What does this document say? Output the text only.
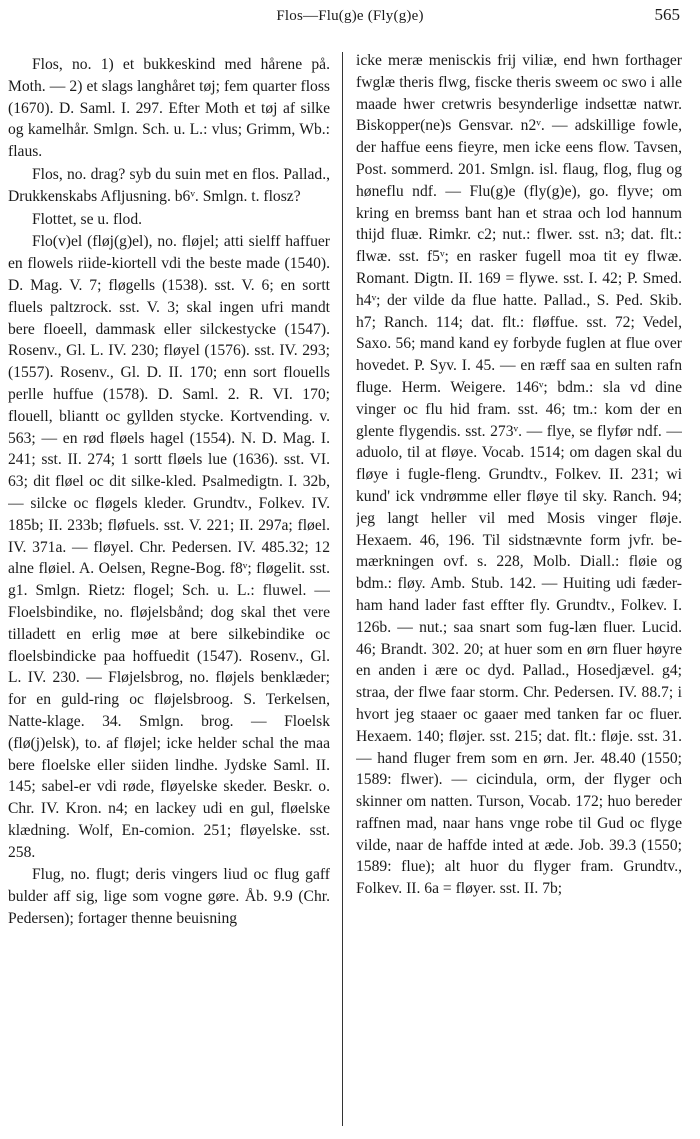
Flos—Flu(g)e (Fly(g)e)	565

Flos, no. 1) et bukkeskind med hårene på. Moth. — 2) et slags langhåret tøj; fem quarter floss (1670). D. Saml. I. 297. Efter Moth et tøj af silke og kamelhår. Smlgn. Sch. u. L.: vlus; Grimm, Wb.: flaus.

Flos, no. drag? syb du suin met en flos. Pallad., Drukkenskabs Afljusning. b6ᵛ. Smlgn. t. flosz?

Flottet, se u. flod.

Flo(v)el (fløj(g)el), no. fløjel; atti sielff haffuer en flowels riide-kiortell vdi the beste made (1540). D. Mag. V. 7; fløgells (1538). sst. V. 6; en sortt fluels paltzrock. sst. V. 3; skal ingen ufri mandt bere floeell, dammask eller silckestycke (1547). Rosenv., Gl. L. IV. 230; fløyel (1576). sst. IV. 293; (1557). Rosenv., Gl. D. II. 170; enn sort flouells perlle huffue (1578). D. Saml. 2. R. VI. 170; flouell, bliantt oc gyllden stycke. Kortvending. v. 563; — en rød fløels hagel (1554). N. D. Mag. I. 241; sst. II. 274; 1 sortt fløels lue (1636). sst. VI. 63; dit fløel oc dit silke-kled. Psalmedigtn. I. 32b, — silcke oc fløgels kleder. Grundtv., Folkev. IV. 185b; II. 233b; fløfuels. sst. V. 221; II. 297a; fløel. IV. 371a. — fløyel. Chr. Pedersen. IV. 485.32; 12 alne fløiel. A. Oelsen, Regne-Bog. f8ᵛ; fløgelit. sst. g1. Smlgn. Rietz: flogel; Sch. u. L.: fluwel. — Floelsbindike, no. fløjelsbånd; dog skal thet vere tilladett en erlig møe at bere silkebindike oc floelsbindicke paa hoffuedit (1547). Rosenv., Gl. L. IV. 230. — Fløjelsbrog, no. fløjels benklæder; for en guld-ring oc fløjelsbroog. S. Terkelsen, Natte-klage. 34. Smlgn. brog. — Floelsk (flø(j)elsk), to. af fløjel; icke helder schal the maa bere floelske eller siiden lindhe. Jydske Saml. II. 145; sabel-er vdi røde, fløyelske skeder. Beskr. o. Chr. IV. Kron. n4; en lackey udi en gul, fløelske klædning. Wolf, En-comion. 251; fløyelske. sst. 258.

Flug, no. flugt; deris vingers liud oc flug gaff bulder aff sig, lige som vogne gøre. Åb. 9.9 (Chr. Pedersen); fortager thenne beuisning

icke meræ menisckis frij viliæ, end hwn forthager fwglæ theris flwg, fiscke theris sweem oc swo i alle maade hwer cretwris besynderlige indsettæ natwr. Biskopper(ne)s Gensvar. n2ᵛ. — adskillige fowle, der haffue eens fieyre, men icke eens flow. Tavsen, Post. sommerd. 201. Smlgn. isl. flaug, flog, flug og høneflu ndf. — Flu(g)e (fly(g)e), go. flyve; om kring en bremss bant han et straa och lod hannum thijd fluæ. Rimkr. c2; nut.: flwer. sst. n3; dat. flt.: flwæ. sst. f5ᵛ; en rasker fugell moa tit ey flwæ. Romant. Digtn. II. 169 = flywe. sst. I. 42; P. Smed. h4ᵛ; der vilde da flue hatte. Pallad., S. Ped. Skib. h7; Ranch. 114; dat. flt.: fløffue. sst. 72; Vedel, Saxo. 56; mand kand ey forbyde fuglen at flue over hovedet. P. Syv. I. 45. — en ræff saa en sulten rafn fluge. Herm. Weigere. 146ᵛ; bdm.: sla vd dine vinger oc flu hid fram. sst. 46; tm.: kom der en glente flygendis. sst. 273ᵛ. — flye, se flyfør ndf. — aduolo, til at fløye. Vocab. 1514; om dagen skal du fløye i fugle-fleng. Grundtv., Folkev. II. 231; wi kund' ick vndrømme eller fløye til sky. Ranch. 94; jeg langt heller vil med Mosis vinger fløje. Hexaem. 46, 196. Til sidstnævnte form jvfr. be-mærkningen ovf. s. 228, Molb. Diall.: fløie og bdm.: fløy. Amb. Stub. 142. — Huiting udi fæder-ham hand lader fast effter fly. Grundtv., Folkev. I. 126b. — nut.; saa snart som fug-læn fluer. Lucid. 46; Brandt. 302. 20; at huer som en ørn fluer høyre en anden i ære oc dyd. Pallad., Hosedjævel. g4; straa, der flwe faar storm. Chr. Pedersen. IV. 88.7; i hvort jeg staaer oc gaaer med tanken far oc fluer. Hexaem. 140; fløjer. sst. 215; dat. flt.: fløje. sst. 31. — hand fluger frem som en ørn. Jer. 48.40 (1550; 1589: flwer). — cicindula, orm, der flyger och skinner om natten. Turson, Vocab. 172; huo bereder raffnen mad, naar hans vnge robe til Gud oc flyge vilde, naar de haffde inted at æde. Job. 39.3 (1550; 1589: flue); alt huor du flyger fram. Grundtv., Folkev. II. 6a = fløyer. sst. II. 7b;
